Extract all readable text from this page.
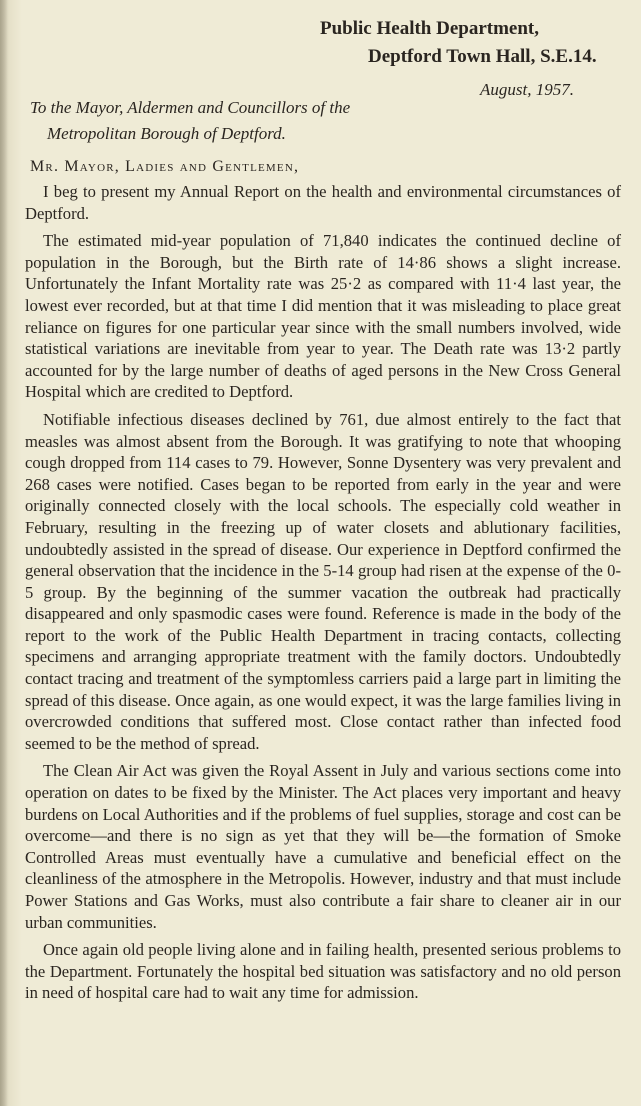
Public Health Department,
Deptford Town Hall, S.E.14.
August, 1957.
To the Mayor, Aldermen and Councillors of the
Metropolitan Borough of Deptford.
Mr. Mayor, Ladies and Gentlemen,

I beg to present my Annual Report on the health and environmental circumstances of Deptford.

The estimated mid-year population of 71,840 indicates the continued decline of population in the Borough, but the Birth rate of 14·86 shows a slight increase. Unfortunately the Infant Mortality rate was 25·2 as compared with 11·4 last year, the lowest ever recorded, but at that time I did mention that it was misleading to place great reliance on figures for one particular year since with the small numbers involved, wide statistical variations are inevitable from year to year. The Death rate was 13·2 partly accounted for by the large number of deaths of aged persons in the New Cross General Hospital which are credited to Deptford.

Notifiable infectious diseases declined by 761, due almost entirely to the fact that measles was almost absent from the Borough. It was gratifying to note that whooping cough dropped from 114 cases to 79. However, Sonne Dysentery was very prevalent and 268 cases were notified. Cases began to be reported from early in the year and were originally connected closely with the local schools. The especially cold weather in February, resulting in the freezing up of water closets and ablutionary facilities, undoubtedly assisted in the spread of disease. Our experience in Deptford confirmed the general observation that the incidence in the 5-14 group had risen at the expense of the 0-5 group. By the beginning of the summer vacation the outbreak had practically disappeared and only spasmodic cases were found. Reference is made in the body of the report to the work of the Public Health Department in tracing contacts, collecting specimens and arranging appropriate treatment with the family doctors. Undoubtedly contact tracing and treatment of the symptomless carriers paid a large part in limiting the spread of this disease. Once again, as one would expect, it was the large families living in overcrowded conditions that suffered most. Close contact rather than infected food seemed to be the method of spread.

The Clean Air Act was given the Royal Assent in July and various sections come into operation on dates to be fixed by the Minister. The Act places very important and heavy burdens on Local Authorities and if the problems of fuel supplies, storage and cost can be overcome—and there is no sign as yet that they will be—the formation of Smoke Controlled Areas must eventually have a cumulative and beneficial effect on the cleanliness of the atmosphere in the Metropolis. However, industry and that must include Power Stations and Gas Works, must also contribute a fair share to cleaner air in our urban communities.

Once again old people living alone and in failing health, presented serious problems to the Department. Fortunately the hospital bed situation was satisfactory and no old person in need of hospital care had to wait any time for admission.
